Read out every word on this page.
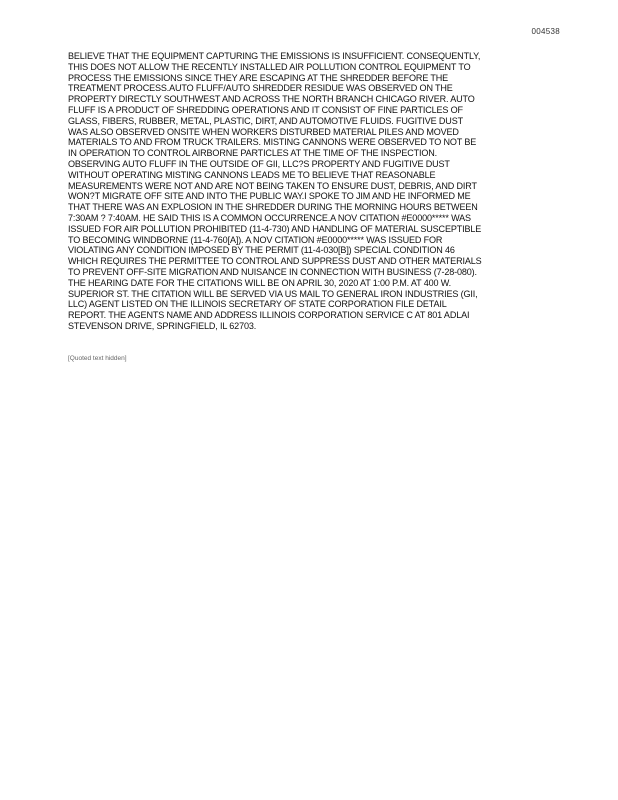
004538
BELIEVE THAT THE EQUIPMENT CAPTURING THE EMISSIONS IS INSUFFICIENT. CONSEQUENTLY,
THIS DOES NOT ALLOW THE RECENTLY INSTALLED AIR POLLUTION CONTROL EQUIPMENT TO
PROCESS THE EMISSIONS SINCE THEY ARE ESCAPING AT THE SHREDDER BEFORE THE
TREATMENT PROCESS.AUTO FLUFF/AUTO SHREDDER RESIDUE WAS OBSERVED ON THE
PROPERTY DIRECTLY SOUTHWEST AND ACROSS THE NORTH BRANCH CHICAGO RIVER. AUTO
FLUFF IS A PRODUCT OF SHREDDING OPERATIONS AND IT CONSIST OF FINE PARTICLES OF
GLASS, FIBERS, RUBBER, METAL, PLASTIC, DIRT, AND AUTOMOTIVE FLUIDS. FUGITIVE DUST
WAS ALSO OBSERVED ONSITE WHEN WORKERS DISTURBED MATERIAL PILES AND MOVED
MATERIALS TO AND FROM TRUCK TRAILERS. MISTING CANNONS WERE OBSERVED TO NOT BE
IN OPERATION TO CONTROL AIRBORNE PARTICLES AT THE TIME OF THE INSPECTION.
OBSERVING AUTO FLUFF IN THE OUTSIDE OF GII, LLC?S PROPERTY AND FUGITIVE DUST
WITHOUT OPERATING MISTING CANNONS LEADS ME TO BELIEVE THAT REASONABLE
MEASUREMENTS WERE NOT AND ARE NOT BEING TAKEN TO ENSURE DUST, DEBRIS, AND DIRT
WON?T MIGRATE OFF SITE AND INTO THE PUBLIC WAY.I SPOKE TO JIM AND HE INFORMED ME
THAT THERE WAS AN EXPLOSION IN THE SHREDDER DURING THE MORNING HOURS BETWEEN
7:30AM ? 7:40AM. HE SAID THIS IS A COMMON OCCURRENCE.A NOV CITATION #E0000***** WAS
ISSUED FOR AIR POLLUTION PROHIBITED (11-4-730) AND HANDLING OF MATERIAL SUSCEPTIBLE
TO BECOMING WINDBORNE (11-4-760[A]). A NOV CITATION #E0000***** WAS ISSUED FOR
VIOLATING ANY CONDITION IMPOSED BY THE PERMIT (11-4-030[B]) SPECIAL CONDITION 46
WHICH REQUIRES THE PERMITTEE TO CONTROL AND SUPPRESS DUST AND OTHER MATERIALS
TO PREVENT OFF-SITE MIGRATION AND NUISANCE IN CONNECTION WITH BUSINESS (7-28-080).
THE HEARING DATE FOR THE CITATIONS WILL BE ON APRIL 30, 2020 AT 1:00 P.M. AT 400 W.
SUPERIOR ST. THE CITATION WILL BE SERVED VIA US MAIL TO GENERAL IRON INDUSTRIES (GII,
LLC) AGENT LISTED ON THE ILLINOIS SECRETARY OF STATE CORPORATION FILE DETAIL
REPORT. THE AGENTS NAME AND ADDRESS ILLINOIS CORPORATION SERVICE C AT 801 ADLAI
STEVENSON DRIVE, SPRINGFIELD, IL 62703.
[Quoted text hidden]
